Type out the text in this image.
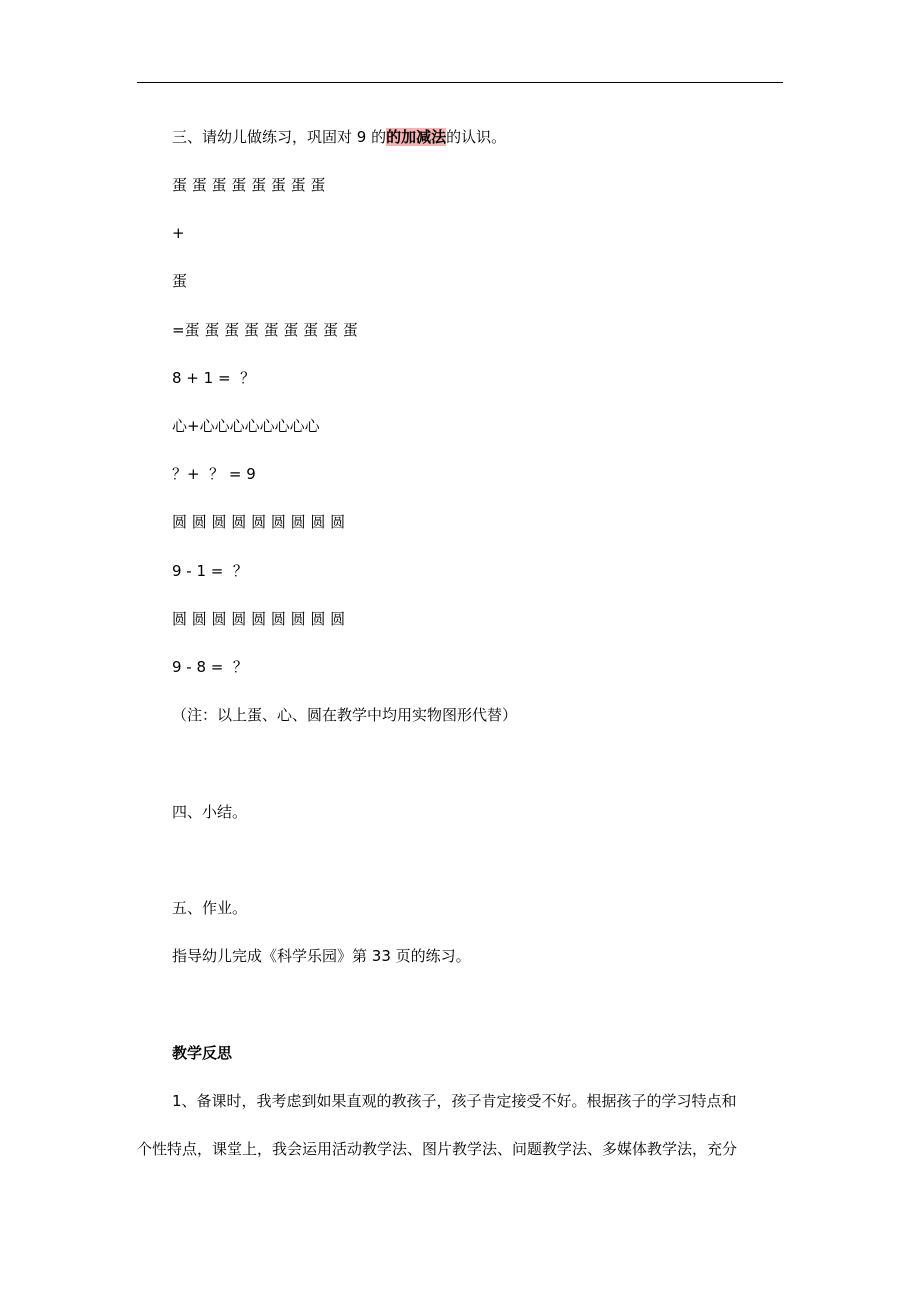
三、请幼儿做练习，巩固对 9 的的加减法的认识。
蛋 蛋 蛋 蛋 蛋 蛋 蛋 蛋
+
蛋
=蛋 蛋 蛋 蛋 蛋 蛋 蛋 蛋 蛋
8 + 1 =  ？
心+心心心心心心心心
？+  ？ = 9
圆 圆 圆 圆 圆 圆 圆 圆 圆
9 - 1 =  ？
圆 圆 圆 圆 圆 圆 圆 圆 圆
9 - 8 =  ？
（注：以上蛋、心、圆在教学中均用实物图形代替）
四、小结。
五、作业。
指导幼儿完成《科学乐园》第 33 页的练习。
教学反思
1、备课时，我考虑到如果直观的教孩子，孩子肯定接受不好。根据孩子的学习特点和
个性特点，课堂上，我会运用活动教学法、图片教学法、问题教学法、多媒体教学法，充分
